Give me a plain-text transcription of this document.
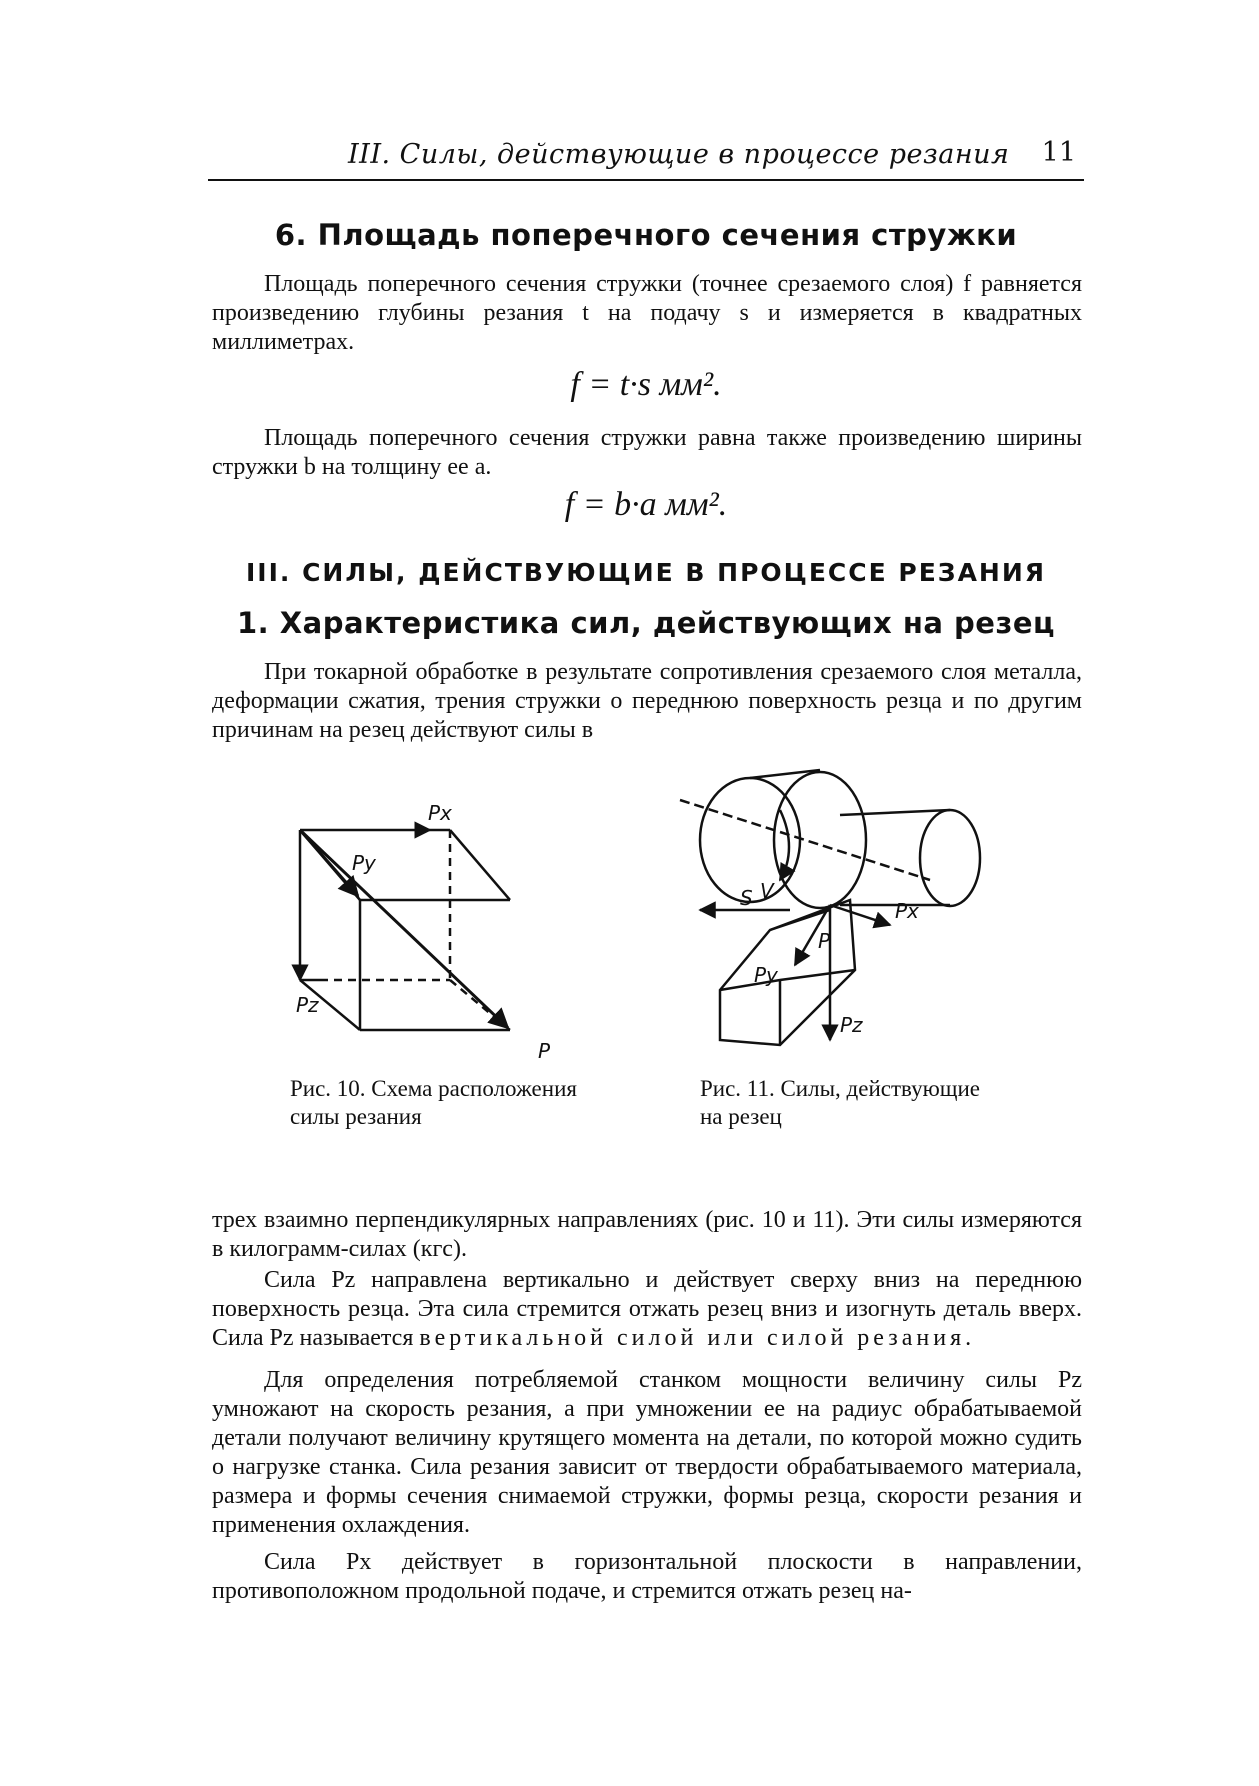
III. Силы, действующие в процессе резания 11
6. Площадь поперечного сечения стружки

Площадь поперечного сечения стружки (точнее срезаемого слоя) f равняется произведению глубины резания t на подачу s и измеряется в квадратных миллиметрах.

f = t·s мм².

Площадь поперечного сечения стружки равна также произведению ширины стружки b на толщину ее a.

f = b·a мм².
III. СИЛЫ, ДЕЙСТВУЮЩИЕ В ПРОЦЕССЕ РЕЗАНИЯ
1. Характеристика сил, действующих на резец

При токарной обработке в результате сопротивления срезаемого слоя металла, деформации сжатия, трения стружки о переднюю поверхность резца и по другим причинам на резец действуют силы в

Px
Py
Pz
P
V
S
P
Px
Py
Pz
Рис. 10. Схема расположения силы резания
Рис. 11. Силы, действующие на резец

трех взаимно перпендикулярных направлениях (рис. 10 и 11). Эти силы измеряются в килограмм-силах (кгс).

Сила Pz направлена вертикально и действует сверху вниз на переднюю поверхность резца. Эта сила стремится отжать резец вниз и изогнуть деталь вверх. Сила Pz называется вертикальной силой или силой резания.

Для определения потребляемой станком мощности величину силы Pz умножают на скорость резания, а при умножении ее на радиус обрабатываемой детали получают величину крутящего момента на детали, по которой можно судить о нагрузке станка. Сила резания зависит от твердости обрабатываемого материала, размера и формы сечения снимаемой стружки, формы резца, скорости резания и применения охлаждения.

Сила Px действует в горизонтальной плоскости в направлении, противоположном продольной подаче, и стремится отжать резец на-
